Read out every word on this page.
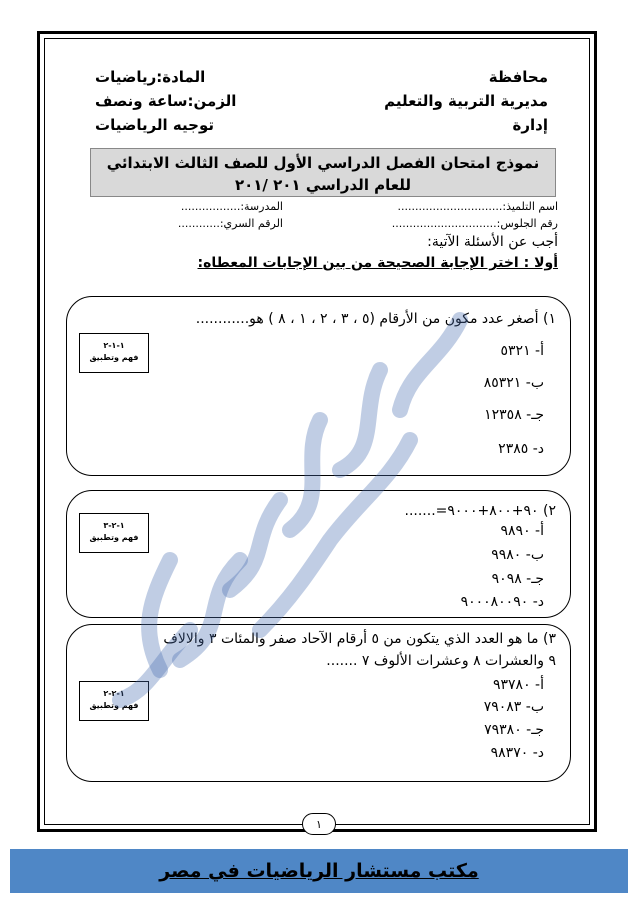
محافظة
مديرية التربية والتعليم
إدارة
المادة:رياضيات
الزمن:ساعة ونصف
توجيه الرياضيات
نموذج امتحان الفصل الدراسي الأول للصف الثالث الابتدائي
للعام الدراسي ٢٠١ /٢٠١
اسم التلميذ:..............................
رقم الجلوس:..............................
المدرسة:.................
الرقم السري:............
أجب عن الأسئلة الآتية:
أولا : اختر الإجابة الصحيحة من بين الإجابات المعطاه:
١) أصغر عدد مكون من الأرقام (٥ ، ٣ ، ٢ ، ١ ، ٨ ) هو............
أ- ٥٣٢١
ب- ٨٥٣٢١
جـ- ١٢٣٥٨
د- ٢٣٨٥
١-١-٢
فهم وتطبيق
٢) ٩٠+٨٠٠+٩٠٠٠=.......
أ- ٩٨٩٠
ب- ٩٩٨٠
جـ- ٩٠٩٨
د- ٩٠٠٠٨٠٠٩٠
١-٢-٣
فهم وتطبيق
٣) ما هو العدد الذي يتكون من ٥ أرقام الآحاد صفر والمئات ٣ والالاف
٩ والعشرات ٨ وعشرات الألوف ٧ .......
أ- ٩٣٧٨٠
ب- ٧٩٠٨٣
جـ- ٧٩٣٨٠
د- ٩٨٣٧٠
١-٢-٢
فهم وتطبيق
١
مكتب مستشار الرياضيات في مصر
